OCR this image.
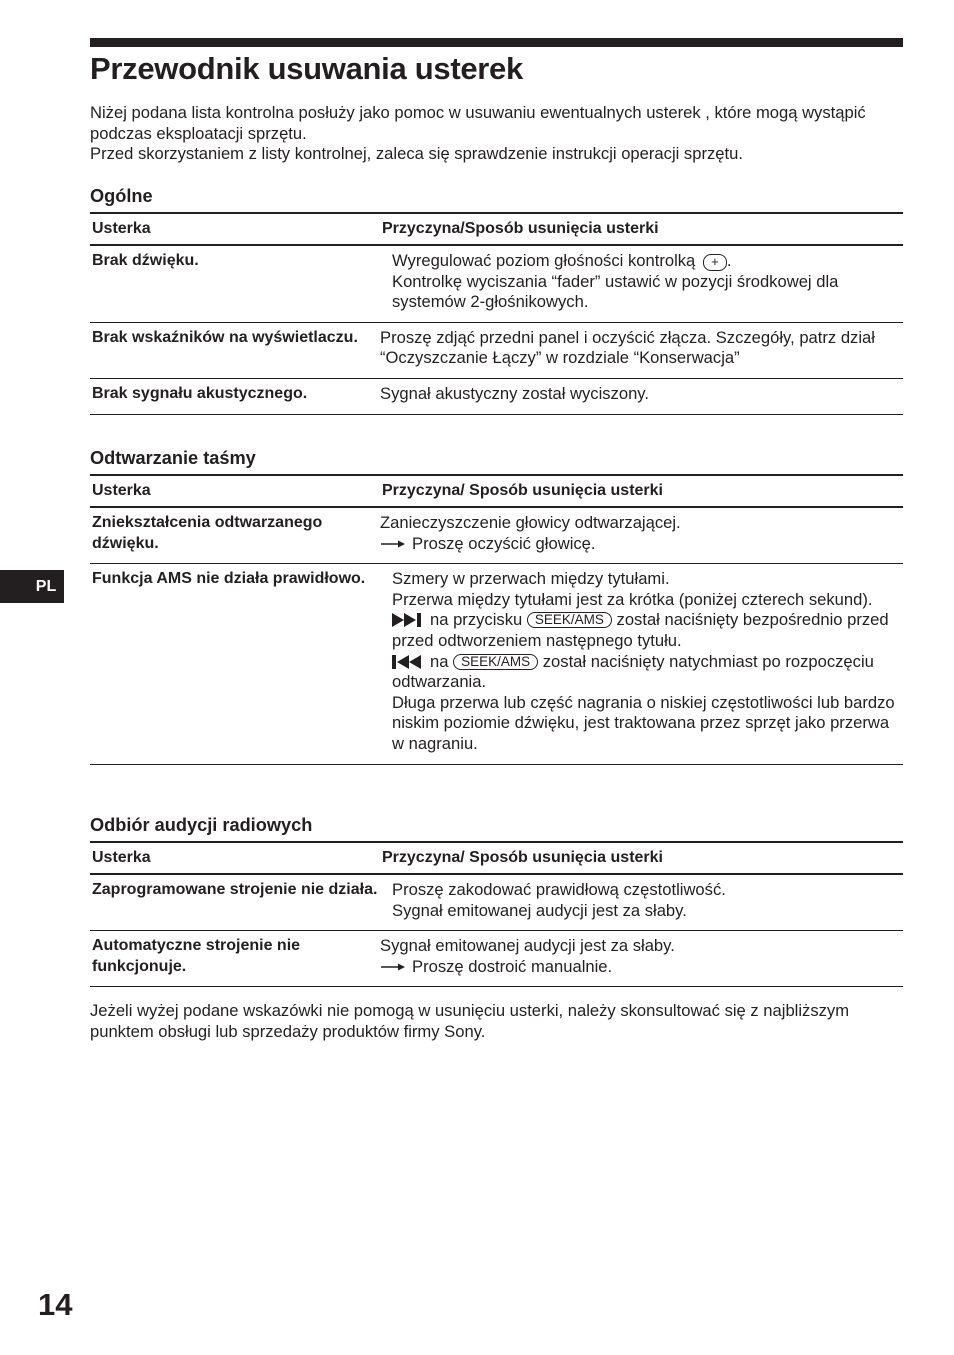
Przewodnik usuwania usterek

Niżej podana lista kontrolna posłuży jako pomoc w usuwaniu ewentualnych usterek , które mogą wystąpić podczas eksploatacji sprzętu.

Przed skorzystaniem z listy kontrolnej, zaleca się sprawdzenie instrukcji operacji sprzętu.

Ogólne
Usterka	Przyczyna/Sposób usunięcia usterki
Brak dźwięku.	Wyregulować poziom głośności kontrolką + .
Kontrolkę wyciszania “fader” ustawić w pozycji środkowej dla systemów 2-głośnikowych.

Brak wskaźników na wyświetlaczu.	Proszę zdjąć przedni panel i oczyścić złącza. Szczegóły, patrz dział “Oczyszczanie Łączy” w rozdziale “Konserwacja”
Brak sygnału akustycznego.	Sygnał akustyczny został wyciszony.
Odtwarzanie taśmy
Usterka	Przyczyna/ Sposób usunięcia usterki
Zniekształcenia odtwarzanego dźwięku.	Zanieczyszczenie głowicy odtwarzającej.
Proszę oczyścić głowicę.

Funkcja AMS nie działa prawidłowo.	Szmery w przerwach między tytułami.
Przerwa między tytułami jest za krótka (poniżej czterech sekund).
na przycisku SEEK/AMS został naciśnięty bezpośrednio przed przed odtworzeniem następnego tytułu.
na SEEK/AMS został naciśnięty natychmiast po rozpoczęciu odtwarzania.
Długa przerwa lub część nagrania o niskiej częstotliwości lub bardzo niskim poziomie dźwięku, jest traktowana przez sprzęt jako przerwa w nagraniu.
Odbiór audycji radiowych
Usterka	Przyczyna/ Sposób usunięcia usterki
Zaprogramowane strojenie nie działa.	Proszę zakodować prawidłową częstotliwość.
Sygnał emitowanej audycji jest za słaby.

Automatyczne strojenie nie funkcjonuje.	Sygnał emitowanej audycji jest za słaby.
Proszę dostroić manualnie.

Jeżeli wyżej podane wskazówki nie pomogą w usunięciu usterki, należy skonsultować się z najbliższym punktem obsługi lub sprzedaży produktów firmy Sony.

PL
14
